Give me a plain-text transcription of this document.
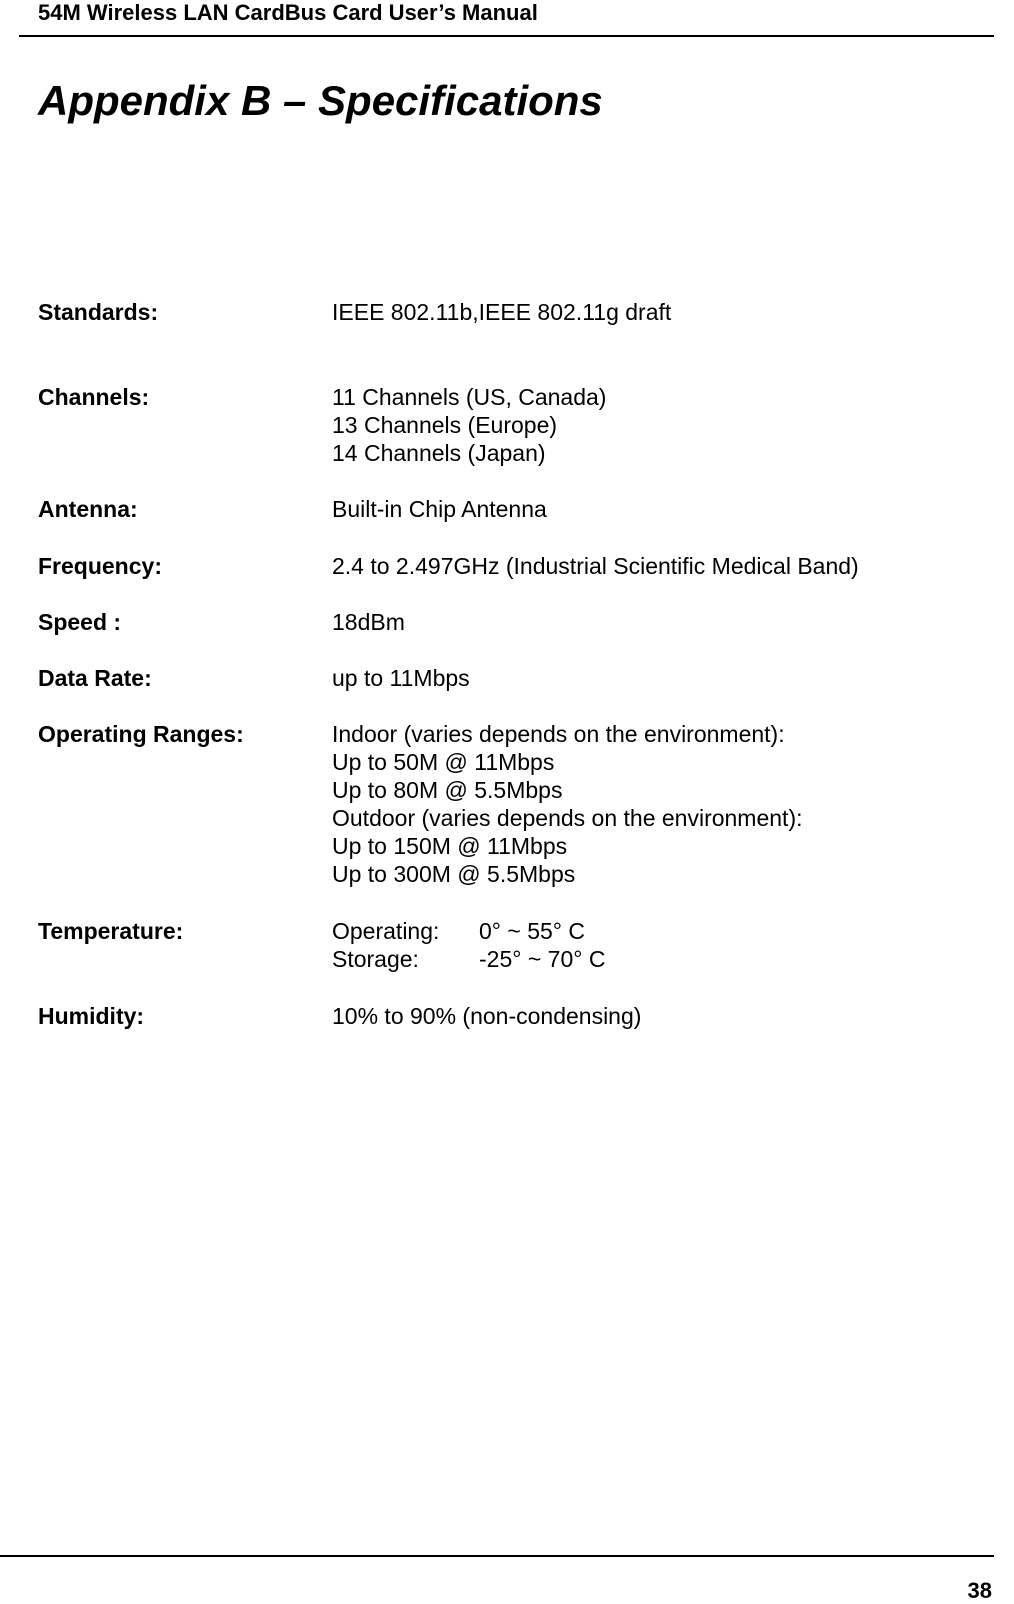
54M Wireless LAN CardBus Card User’s Manual
Appendix B – Specifications
Standards:	IEEE 802.11b,IEEE 802.11g draft
Channels:	11 Channels (US, Canada)
13 Channels (Europe)
14 Channels (Japan)
Antenna:	Built-in Chip Antenna
Frequency:	2.4 to 2.497GHz (Industrial Scientific Medical Band)
Speed :	18dBm
Data Rate:	up to 11Mbps
Operating Ranges:	Indoor (varies depends on the environment):
Up to 50M @ 11Mbps
Up to 80M @ 5.5Mbps
Outdoor (varies depends on the environment):
Up to 150M @ 11Mbps
Up to 300M @ 5.5Mbps
Temperature:	Operating: 0° ~ 55° C
Storage:	-25° ~ 70° C
Humidity:	10% to 90% (non-condensing)
38
